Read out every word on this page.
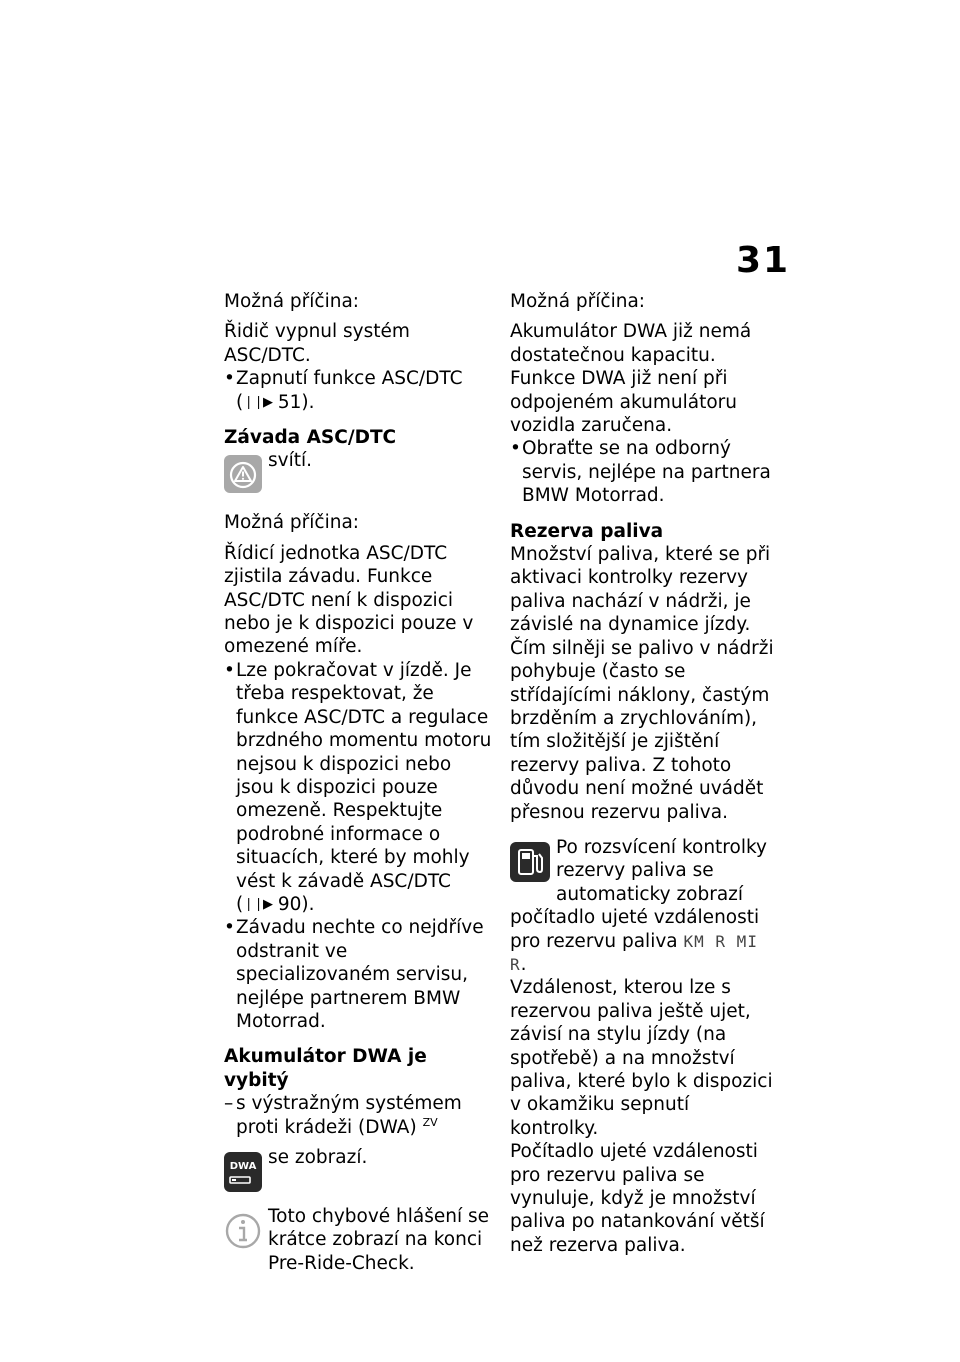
31

Možná příčina:

Řidič vypnul systém ASC/DTC.

• Zapnutí funkce ASC/DTC
(❘❘▶ 51).

Závada ASC/DTC

svítí.

Možná příčina:

Řídicí jednotka ASC/DTC zjistila závadu. Funkce ASC/DTC není k dispozici nebo je k dispozici pouze v omezené míře.

• Lze pokračovat v jízdě. Je třeba respektovat, že funkce ASC/DTC a regulace brzdného momentu motoru nejsou k dispozici nebo jsou k dispozici pouze omezeně. Respektujte podrobné informace o situacích, které by mohly vést k závadě ASC/DTC
(❘❘▶ 90).

• Závadu nechte co nejdříve odstranit ve specializovaném servisu, nejlépe partnerem BMW Motorrad.

Akumulátor DWA je vybitý

– s výstražným systémem proti krádeži (DWA) $^{ZV}$

DWA se zobrazí.

Toto chybové hlášení se krátce zobrazí na konci Pre-Ride-Check.

Možná příčina:

Akumulátor DWA již nemá dostatečnou kapacitu. Funkce DWA již není při odpojeném akumulátoru vozidla zaručena.

• Obraťte se na odborný servis, nejlépe na partnera BMW Motorrad.

Rezerva paliva

Množství paliva, které se při aktivaci kontrolky rezervy paliva nachází v nádrži, je závislé na dynamice jízdy. Čím silněji se palivo v nádrži pohybuje (často se střídajícími náklony, častým brzděním a zrychlováním), tím složitější je zjištění rezervy paliva. Z tohoto důvodu není možné uvádět přesnou rezervu paliva.

Po rozsvícení kontrolky rezervy paliva se automaticky zobrazí počítadlo ujeté vzdálenosti pro rezervu paliva KM R MI R.

Vzdálenost, kterou lze s rezervou paliva ještě ujet, závisí na stylu jízdy (na spotřebě) a na množství paliva, které bylo k dispozici v okamžiku sepnutí kontrolky.

Počítadlo ujeté vzdálenosti pro rezervu paliva se vynuluje, když je množství paliva po natankování větší než rezerva paliva.
